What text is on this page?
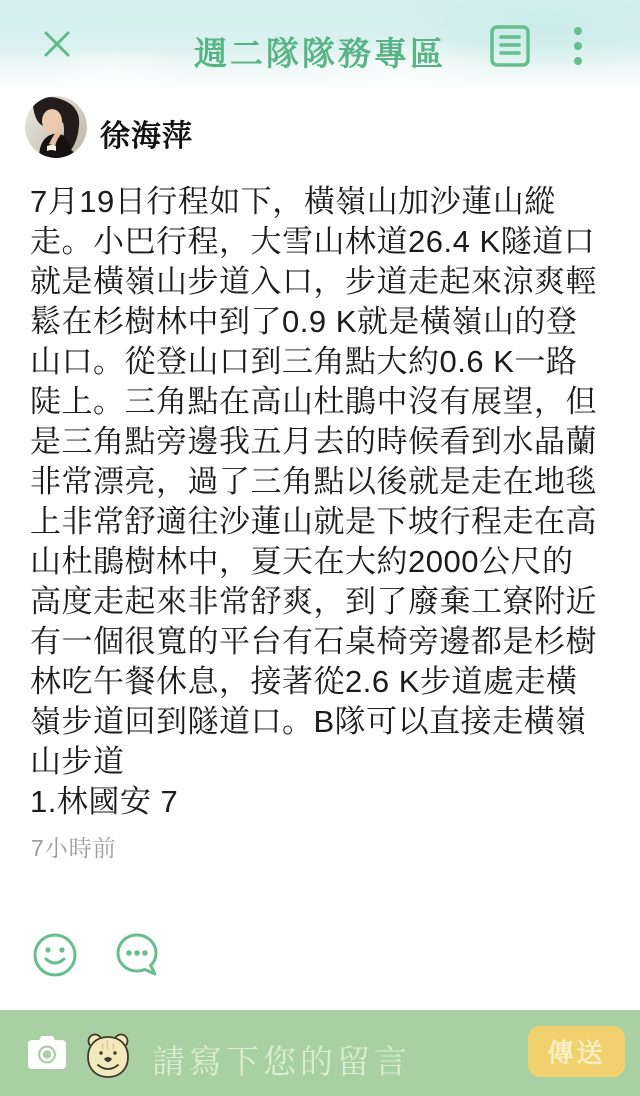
週二隊隊務專區
徐海萍
7月19日行程如下，橫嶺山加沙蓮山縱
走。小巴行程，大雪山林道26.4 K隧道口
就是橫嶺山步道入口，步道走起來涼爽輕
鬆在杉樹林中到了0.9 K就是橫嶺山的登
山口。從登山口到三角點大約0.6 K一路
陡上。三角點在高山杜鵑中沒有展望，但
是三角點旁邊我五月去的時候看到水晶蘭
非常漂亮，過了三角點以後就是走在地毯
上非常舒適往沙蓮山就是下坡行程走在高
山杜鵑樹林中，夏天在大約2000公尺的
高度走起來非常舒爽，到了廢棄工寮附近
有一個很寬的平台有石桌椅旁邊都是杉樹
林吃午餐休息，接著從2.6 K步道處走橫
嶺步道回到隧道口。B隊可以直接走橫嶺
山步道
1.林國安 7
7小時前
請寫下您的留言	傳送
